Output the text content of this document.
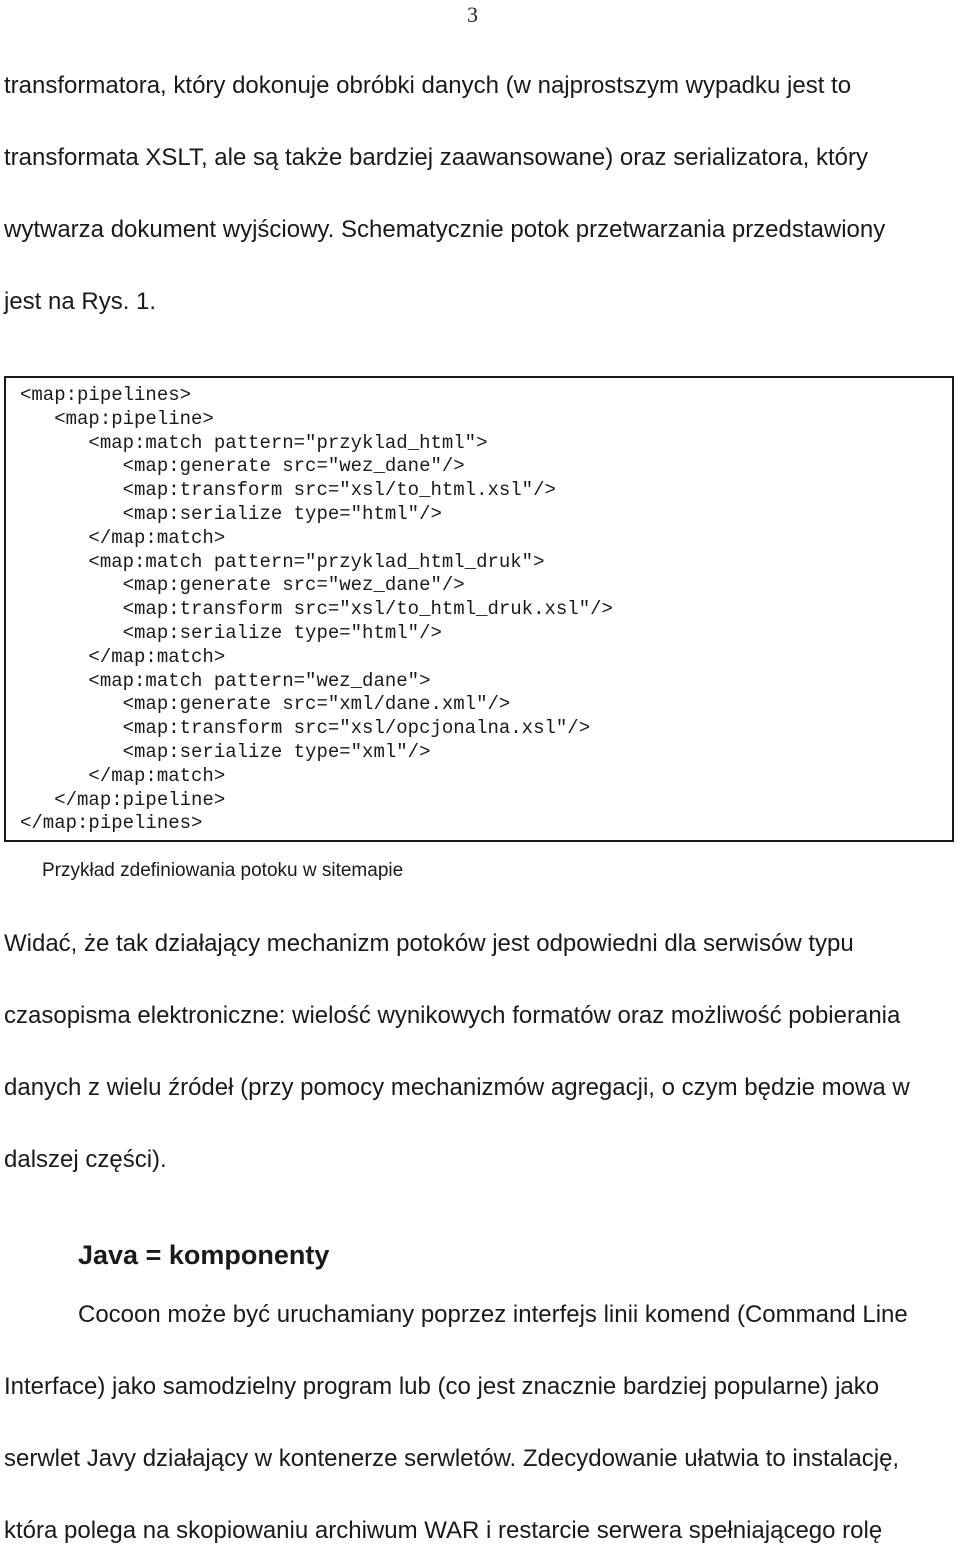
3

transformatora, który dokonuje obróbki danych (w najprostszym wypadku jest to
transformata XSLT, ale są także bardziej zaawansowane) oraz serializatora, który
wytwarza dokument wyjściowy. Schematycznie potok przetwarzania przedstawiony
jest na Rys. 1.

<map:pipelines>
<map:pipeline>
<map:match pattern="przyklad_html">
<map:generate src="wez_dane"/>
<map:transform src="xsl/to_html.xsl"/>
<map:serialize type="html"/>
</map:match>
<map:match pattern="przyklad_html_druk">
<map:generate src="wez_dane"/>
<map:transform src="xsl/to_html_druk.xsl"/>
<map:serialize type="html"/>
</map:match>
<map:match pattern="wez_dane">
<map:generate src="xml/dane.xml"/>
<map:transform src="xsl/opcjonalna.xsl"/>
<map:serialize type="xml"/>
</map:match>
</map:pipeline>
</map:pipelines>
Przykład zdefiniowania potoku w sitemapie

Widać, że tak działający mechanizm potoków jest odpowiedni dla serwisów typu
czasopisma elektroniczne: wielość wynikowych formatów oraz możliwość pobierania
danych z wielu źródeł (przy pomocy mechanizmów agregacji, o czym będzie mowa w
dalszej części).

Java = komponenty

Cocoon może być uruchamiany poprzez interfejs linii komend (Command Line
Interface) jako samodzielny program lub (co jest znacznie bardziej popularne) jako
serwlet Javy działający w kontenerze serwletów. Zdecydowanie ułatwia to instalację,
która polega na skopiowaniu archiwum WAR i restarcie serwera spełniającego rolę
